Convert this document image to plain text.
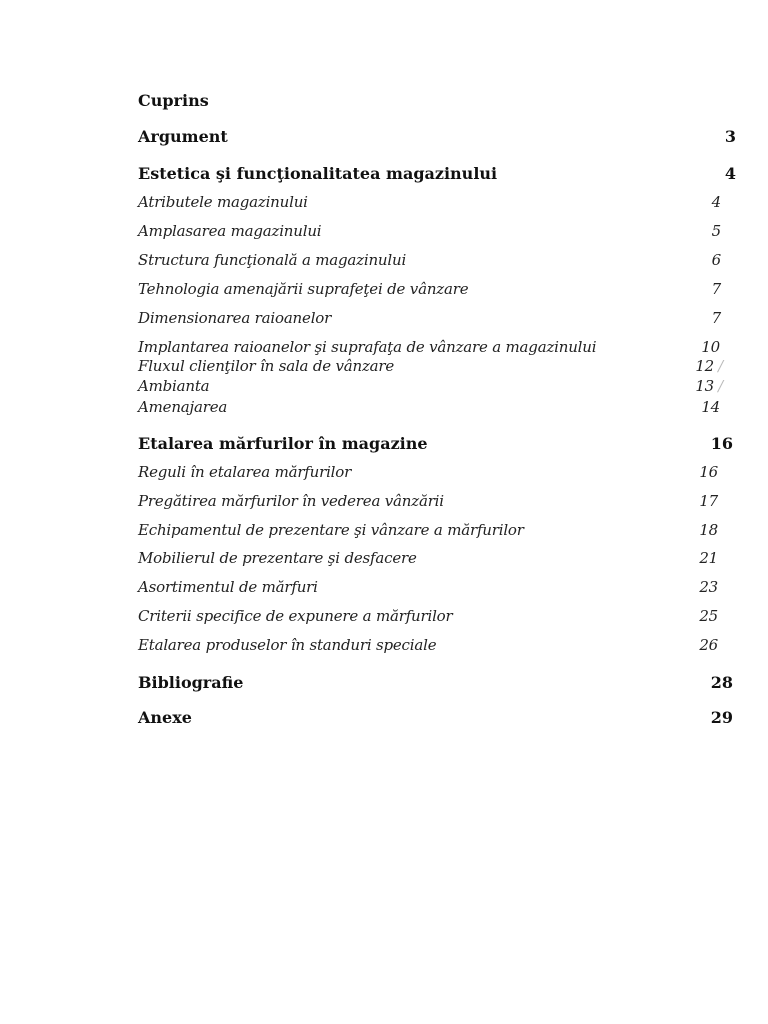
Cuprins
Argument	3
Estetica şi funcţionalitatea magazinului	4
Atributele magazinului	4
Amplasarea magazinului	5
Structura funcţională a magazinului	6
Tehnologia amenajării suprafeţei de vânzare	7
Dimensionarea raioanelor	7
Implantarea raioanelor şi suprafaţa de vânzare a magazinului	10
Fluxul clienţilor în sala de vânzare	12 /
Ambianta	13 /
Amenajarea	14
Etalarea mărfurilor în magazine	16
Reguli în etalarea mărfurilor	16
Pregătirea mărfurilor în vederea vânzării	17
Echipamentul de prezentare şi vânzare a mărfurilor	18
Mobilierul de prezentare şi desfacere	21
Asortimentul de mărfuri	23
Criterii specifice de expunere a mărfurilor	25
Etalarea produselor în standuri speciale	26
Bibliografie	28
Anexe	29
